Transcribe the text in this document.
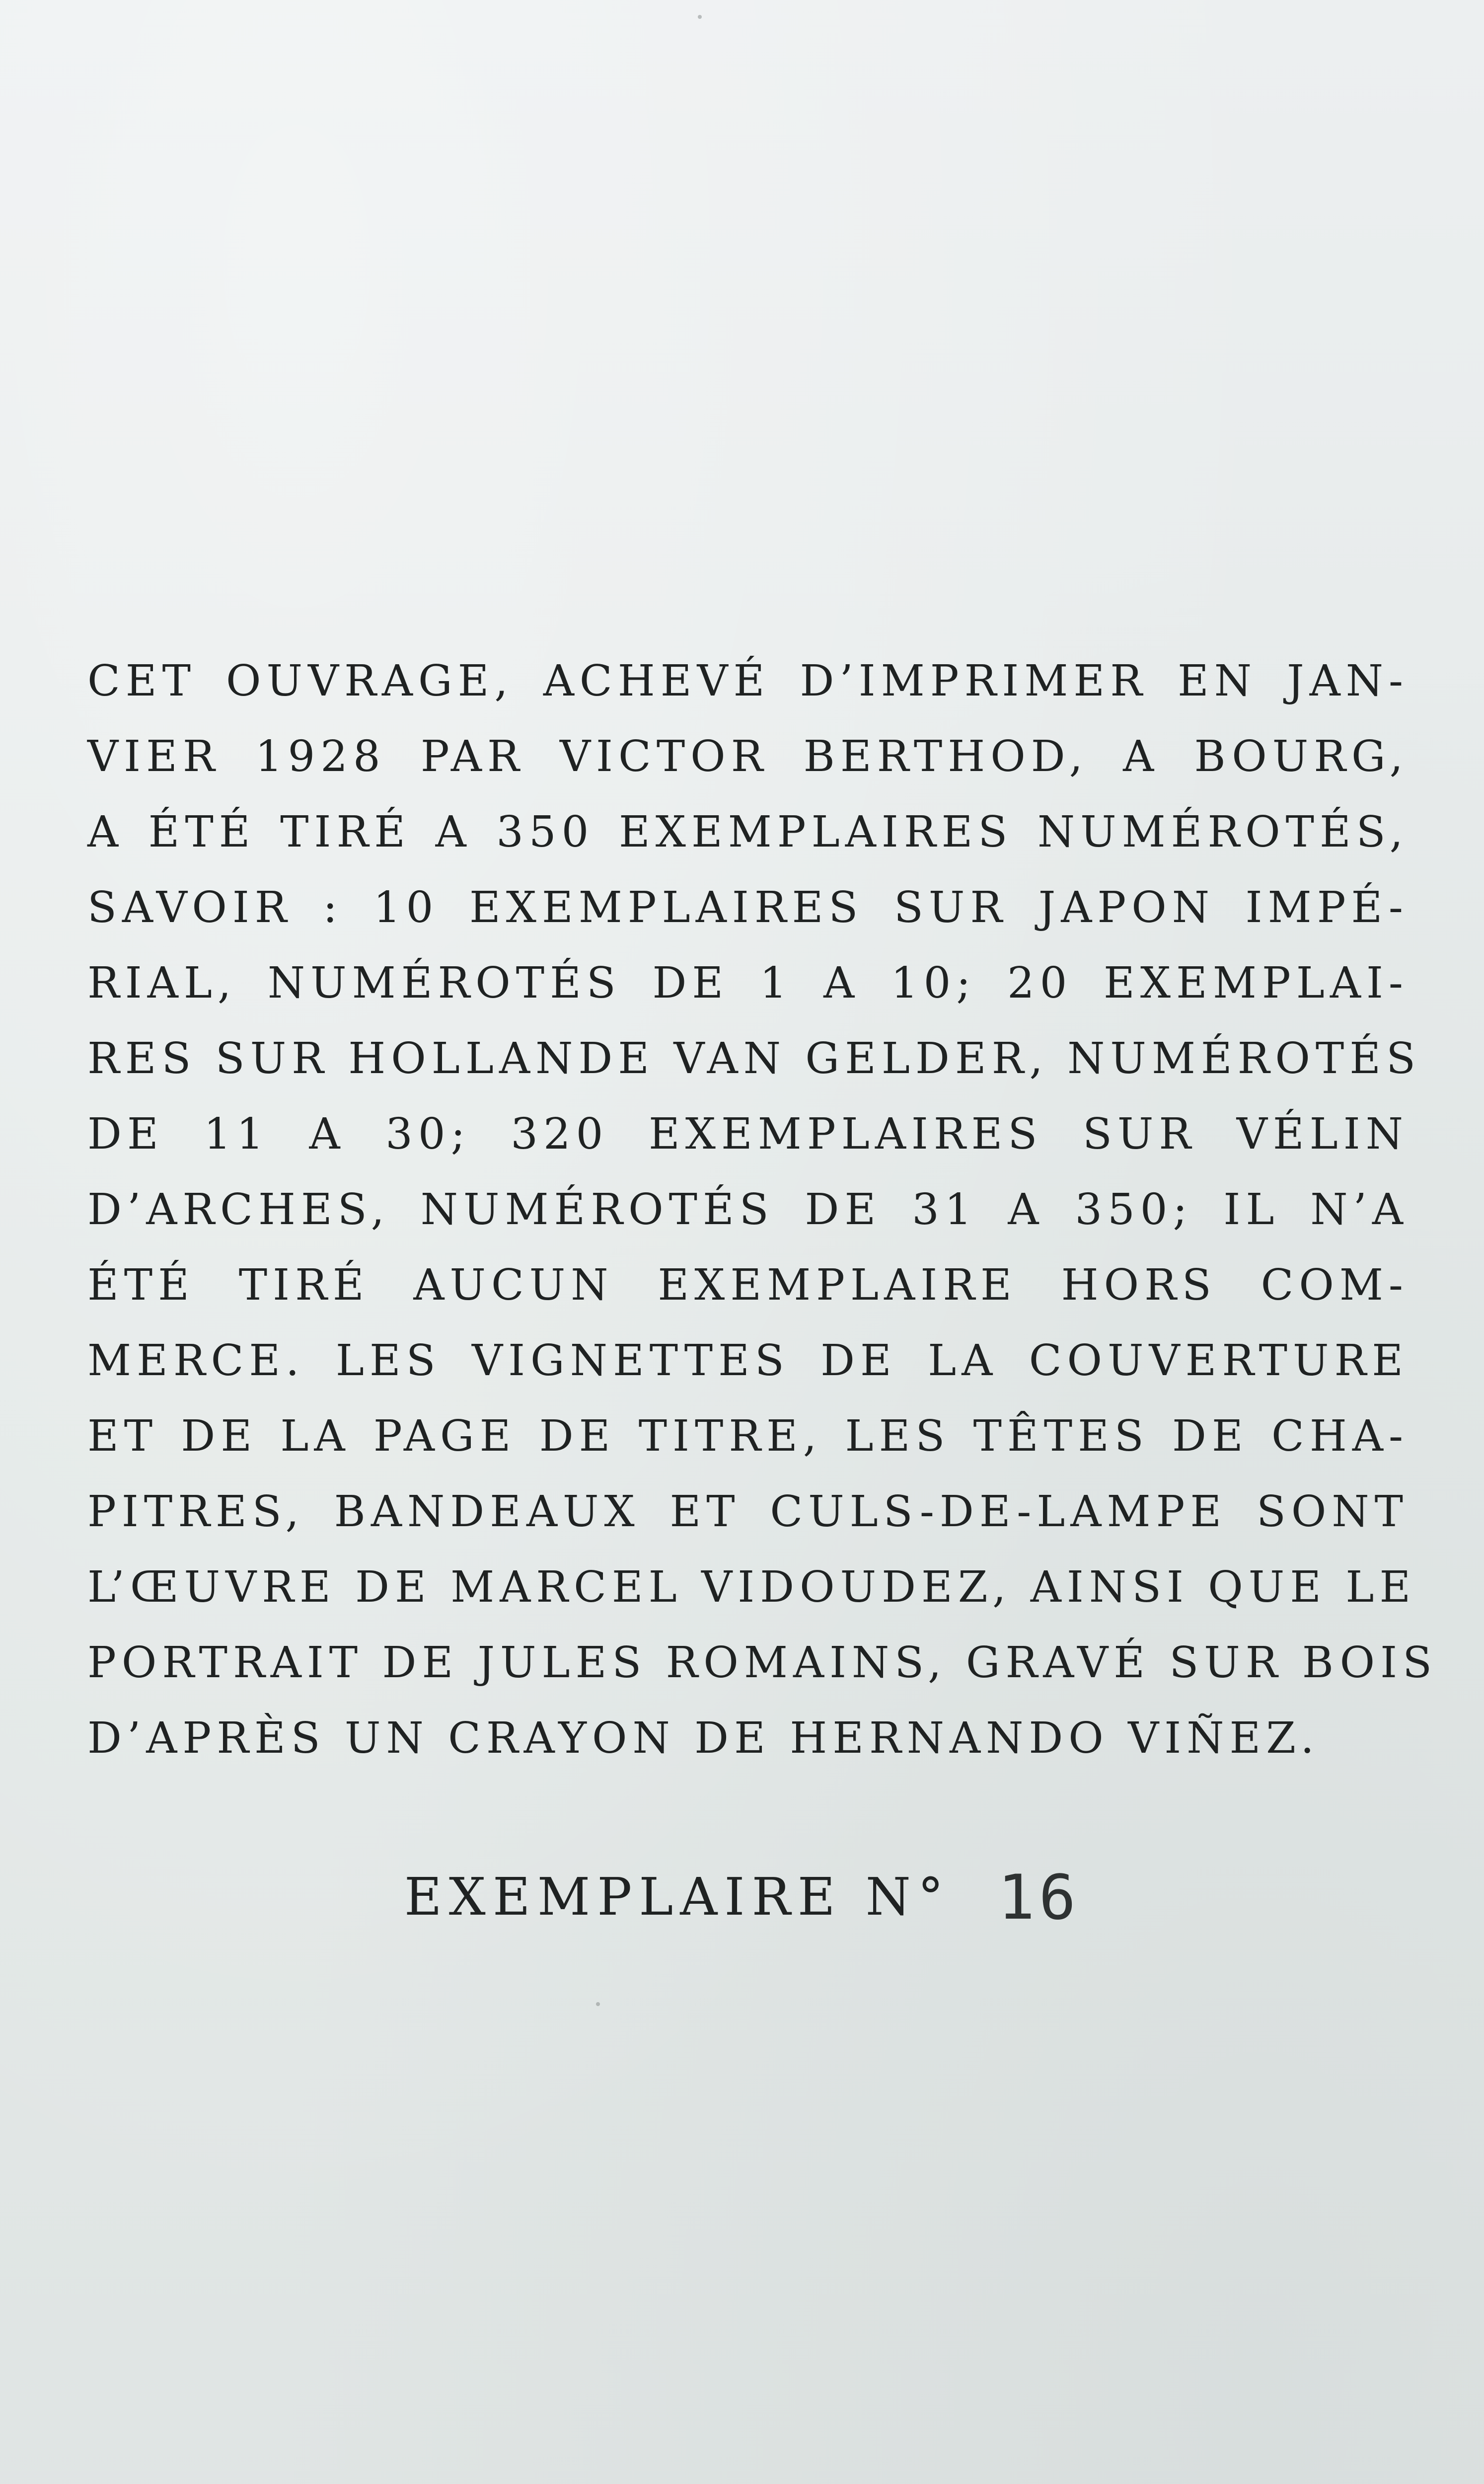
CET OUVRAGE, ACHEVÉ D’IMPRIMER EN JAN-
VIER 1928 PAR VICTOR BERTHOD, A BOURG,
A ÉTÉ TIRÉ A 350 EXEMPLAIRES NUMÉROTÉS,
SAVOIR : 10 EXEMPLAIRES SUR JAPON IMPÉ-
RIAL, NUMÉROTÉS DE 1 A 10; 20 EXEMPLAI-
RES SUR HOLLANDE VAN GELDER, NUMÉROTÉS
DE 11 A 30; 320 EXEMPLAIRES SUR VÉLIN
D’ARCHES, NUMÉROTÉS DE 31 A 350; IL N’A
ÉTÉ TIRÉ AUCUN EXEMPLAIRE HORS COM-
MERCE. LES VIGNETTES DE LA COUVERTURE
ET DE LA PAGE DE TITRE, LES TÊTES DE CHA-
PITRES, BANDEAUX ET CULS-DE-LAMPE SONT
L’ŒUVRE DE MARCEL VIDOUDEZ, AINSI QUE LE
PORTRAIT DE JULES ROMAINS, GRAVÉ SUR BOIS
D’APRÈS UN CRAYON DE HERNANDO VIÑEZ.

EXEMPLAIRE N° 16
